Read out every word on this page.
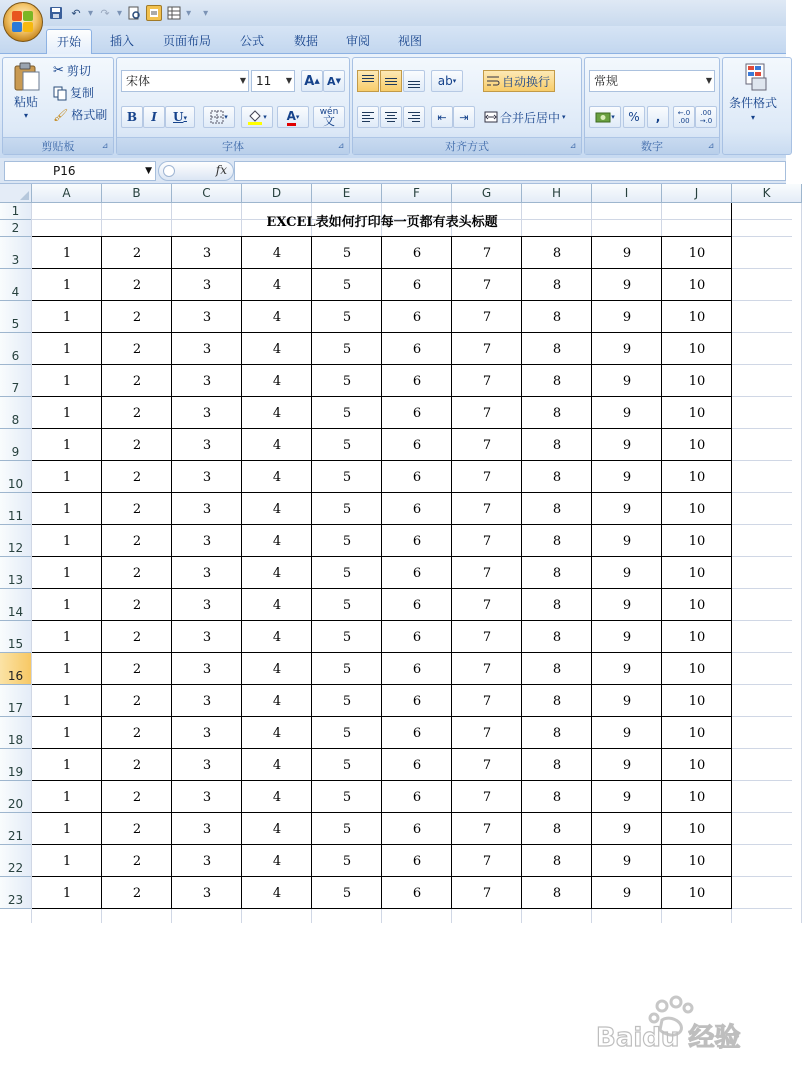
↶ ▾ ↷ ▾	▾ ▾
开始	插入	页面布局	公式	数据	审阅	视图
粘贴
▾
✂ 剪切
复制
🖌 格式刷
剪贴板	⊿
宋体	▼ 11 ▼ A ▲ A ▼
B I U ▾	▾	▾ A ▾ wén
文
字体	⊿
ab ▾	自动换行
⇤ ⇥	合并后居中 ▾
对齐方式	⊿
常规	▼
▾ % ,	←.0 .00
.00 →.0
数字	⊿
条件格式
▾
P16	▼	fx
A	B	C	D	E	F	G	H	I	J	K
1
2
3
4
5
6
7
8
9
10
11
12
13
14
15
16
17
18
19
20
21
22
23
EXCEL表如何打印每一页都有表头标题
1	2	3	4	5	6	7	8	9	10
1	2	3	4	5	6	7	8	9	10
1	2	3	4	5	6	7	8	9	10
1	2	3	4	5	6	7	8	9	10
1	2	3	4	5	6	7	8	9	10
1	2	3	4	5	6	7	8	9	10
1	2	3	4	5	6	7	8	9	10
1	2	3	4	5	6	7	8	9	10
1	2	3	4	5	6	7	8	9	10
1	2	3	4	5	6	7	8	9	10
1	2	3	4	5	6	7	8	9	10
1	2	3	4	5	6	7	8	9	10
1	2	3	4	5	6	7	8	9	10
1	2	3	4	5	6	7	8	9	10
1	2	3	4	5	6	7	8	9	10
1	2	3	4	5	6	7	8	9	10
1	2	3	4	5	6	7	8	9	10
1	2	3	4	5	6	7	8	9	10
1	2	3	4	5	6	7	8	9	10
1	2	3	4	5	6	7	8	9	10
1	2	3	4	5	6	7	8	9	10
Baidu 经验
